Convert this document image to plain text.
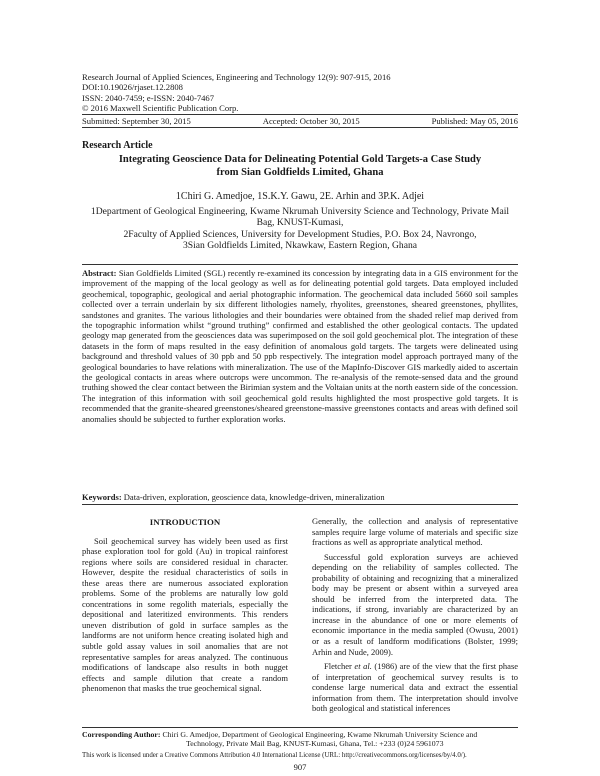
Research Journal of Applied Sciences, Engineering and Technology 12(9): 907-915, 2016
DOI:10.19026/rjaset.12.2808
ISSN: 2040-7459; e-ISSN: 2040-7467
© 2016 Maxwell Scientific Publication Corp.
Submitted: September 30, 2015	Accepted: October 30, 2015	Published: May 05, 2016
Research Article
Integrating Geoscience Data for Delineating Potential Gold Targets-a Case Study from Sian Goldfields Limited, Ghana
1Chiri G. Amedjoe, 1S.K.Y. Gawu, 2E. Arhin and 3P.K. Adjei
1Department of Geological Engineering, Kwame Nkrumah University Science and Technology, Private Mail Bag, KNUST-Kumasi,
2Faculty of Applied Sciences, University for Development Studies, P.O. Box 24, Navrongo,
3Sian Goldfields Limited, Nkawkaw, Eastern Region, Ghana
Abstract: Sian Goldfields Limited (SGL) recently re-examined its concession by integrating data in a GIS environment for the improvement of the mapping of the local geology as well as for delineating potential gold targets. Data employed included geochemical, topographic, geological and aerial photographic information. The geochemical data included 5660 soil samples collected over a terrain underlain by six different lithologies namely, rhyolites, greenstones, sheared greenstones, phyllites, sandstones and granites. The various lithologies and their boundaries were obtained from the shaded relief map derived from the topographic information whilst “ground truthing” confirmed and established the other geological contacts. The updated geology map generated from the geosciences data was superimposed on the soil gold geochemical plot. The integration of these datasets in the form of maps resulted in the easy definition of anomalous gold targets. The targets were delineated using background and threshold values of 30 ppb and 50 ppb respectively. The integration model approach portrayed many of the geological boundaries to have relations with mineralization. The use of the MapInfo-Discover GIS markedly aided to ascertain the geological contacts in areas where outcrops were uncommon. The re-analysis of the remote-sensed data and the ground truthing showed the clear contact between the Birimian system and the Voltaian units at the north eastern side of the concession. The integration of this information with soil geochemical gold results highlighted the most prospective gold targets. It is recommended that the granite-sheared greenstones/sheared greenstone-massive greenstones contacts and areas with defined soil anomalies should be subjected to further exploration works.
Keywords: Data-driven, exploration, geoscience data, knowledge-driven, mineralization
INTRODUCTION

Soil geochemical survey has widely been used as first phase exploration tool for gold (Au) in tropical rainforest regions where soils are considered residual in character. However, despite the residual characteristics of soils in these areas there are numerous associated exploration problems. Some of the problems are naturally low gold concentrations in some regolith materials, especially the depositional and lateritized environments. This renders uneven distribution of gold in surface samples as the landforms are not uniform hence creating isolated high and subtle gold assay values in soil anomalies that are not representative samples for areas analyzed. The continuous modifications of landscape also results in both nugget effects and sample dilution that create a random phenomenon that masks the true geochemical signal.

Generally, the collection and analysis of representative samples require large volume of materials and specific size fractions as well as appropriate analytical method.

Successful gold exploration surveys are achieved depending on the reliability of samples collected. The probability of obtaining and recognizing that a mineralized body may be present or absent within a surveyed area should be inferred from the interpreted data. The indications, if strong, invariably are characterized by an increase in the abundance of one or more elements of economic importance in the media sampled (Owusu, 2001) or as a result of landform modifications (Bolster, 1999; Arhin and Nude, 2009).

Fletcher et al. (1986) are of the view that the first phase of interpretation of geochemical survey results is to condense large numerical data and extract the essential information from them. The interpretation should involve both geological and statistical inferences

Corresponding Author: Chiri G. Amedjoe, Department of Geological Engineering, Kwame Nkrumah University Science and
Technology, Private Mail Bag, KNUST-Kumasi, Ghana, Tel.: +233 (0)24 5961073
This work is licensed under a Creative Commons Attribution 4.0 International License (URL: http://creativecommons.org/licenses/by/4.0/).
907
